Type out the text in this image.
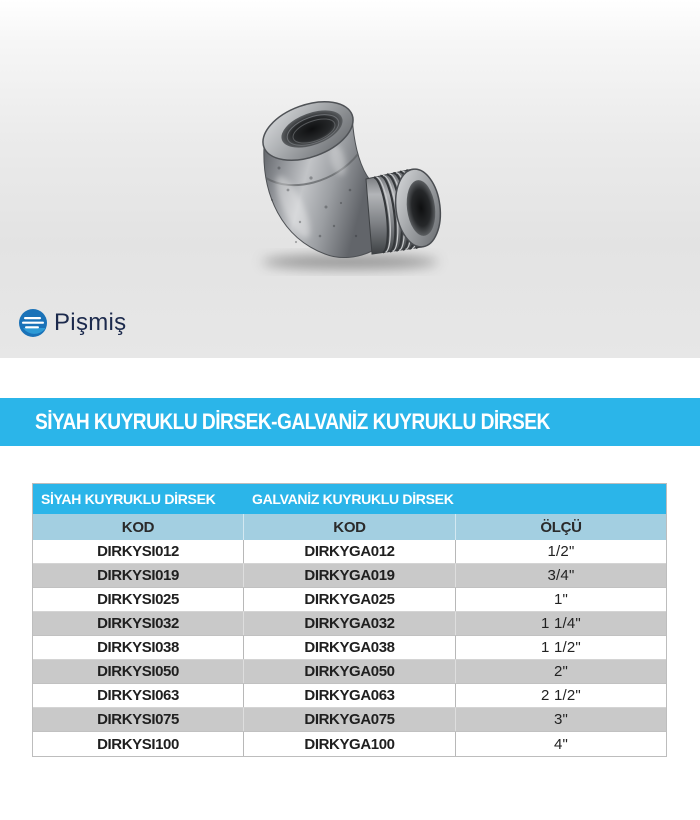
Pişmiş
SİYAH KUYRUKLU DİRSEK-GALVANİZ KUYRUKLU DİRSEK
SİYAH KUYRUKLU DİRSEK	GALVANİZ KUYRUKLU DİRSEK
KOD	KOD	ÖLÇÜ
DIRKYSI012	DIRKYGA012	1/2"
DIRKYSI019	DIRKYGA019	3/4"
DIRKYSI025	DIRKYGA025	1"
DIRKYSI032	DIRKYGA032	1 1/4"
DIRKYSI038	DIRKYGA038	1 1/2"
DIRKYSI050	DIRKYGA050	2"
DIRKYSI063	DIRKYGA063	2 1/2"
DIRKYSI075	DIRKYGA075	3"
DIRKYSI100	DIRKYGA100	4"
